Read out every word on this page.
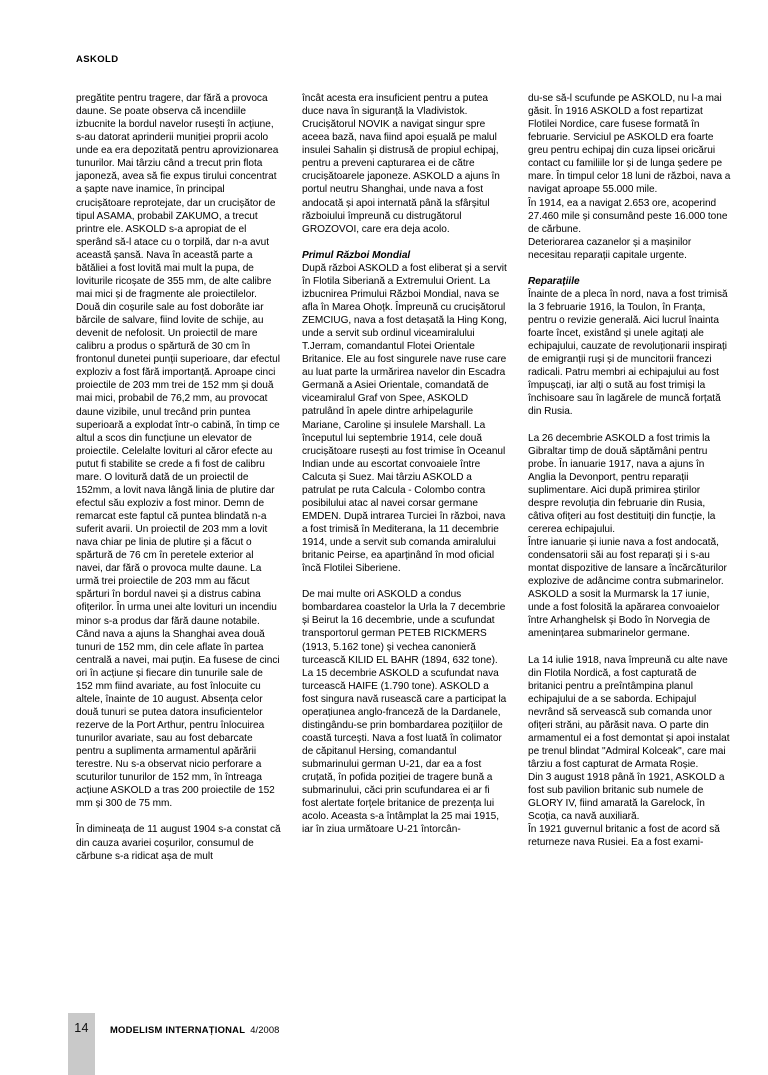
ASKOLD

pregătite pentru tragere, dar fără a provoca daune. Se poate observa că incendiile izbucnite la bordul navelor rusești în acțiune, s-au datorat aprinderii muniției proprii acolo unde ea era depozitată pentru aprovizionarea tunurilor. Mai târziu când a trecut prin flota japoneză, avea să fie expus tirului concentrat a șapte nave inamice, în principal crucișătoare reprotejate, dar un crucișător de tipul ASAMA, probabil ZAKUMO, a trecut printre ele. ASKOLD s-a apropiat de el sperând să-l atace cu o torpilă, dar n-a avut această șansă. Nava în această parte a bătăliei a fost lovită mai mult la pupa, de loviturile ricoșate de 355 mm, de alte calibre mai mici și de fragmente ale proiectilelor. Două din coșurile sale au fost doborâte iar bărcile de salvare, fiind lovite de schije, au devenit de nefolosit. Un proiectil de mare calibru a produs o spărtură de 30 cm în frontonul dunetei punții superioare, dar efectul exploziv a fost fără importanță. Aproape cinci proiectile de 203 mm trei de 152 mm și două mai mici, probabil de 76,2 mm, au provocat daune vizibile, unul trecând prin puntea superioară a explodat într-o cabină, în timp ce altul a scos din funcțiune un elevator de proiectile. Celelalte lovituri al căror efecte au putut fi stabilite se crede a fi fost de calibru mare. O lovitură dată de un proiectil de 152mm, a lovit nava lângă linia de plutire dar efectul său exploziv a fost minor. Demn de remarcat este faptul că puntea blindată n-a suferit avarii. Un proiectil de 203 mm a lovit nava chiar pe linia de plutire și a făcut o spărtură de 76 cm în peretele exterior al navei, dar fără o provoca multe daune. La urmă trei proiectile de 203 mm au făcut spărturi în bordul navei și a distrus cabina ofițerilor. În urma unei alte lovituri un incendiu minor s-a produs dar fără daune notabile. Când nava a ajuns la Shanghai avea două tunuri de 152 mm, din cele aflate în partea centrală a navei, mai puțin. Ea fusese de cinci ori în acțiune și fiecare din tunurile sale de 152 mm fiind avariate, au fost înlocuite cu altele, înainte de 10 august. Absența celor două tunuri se putea datora insuficientelor rezerve de la Port Arthur, pentru înlocuirea tunurilor avariate, sau au fost debarcate pentru a suplimenta armamentul apărării terestre. Nu s-a observat nicio perforare a scuturilor tunurilor de 152 mm, în întreaga acțiune ASKOLD a tras 200 proiectile de 152 mm și 300 de 75 mm.

În dimineața de 11 august 1904 s-a constat că din cauza avariei coșurilor, consumul de cărbune s-a ridicat așa de mult

încât acesta era insuficient pentru a putea duce nava în siguranță la Vladivistok. Crucișătorul NOVIK a navigat singur spre aceea bază, nava fiind apoi eșuală pe malul insulei Sahalin și distrusă de propiul echipaj, pentru a preveni capturarea ei de către crucișătoarele japoneze. ASKOLD a ajuns în portul neutru Shanghai, unde nava a fost andocată și apoi internată până la sfârșitul războiului împreună cu distrugătorul GROZOVOI, care era deja acolo.

Primul Război Mondial

După război ASKOLD a fost eliberat și a servit în Flotila Siberiană a Extremului Orient. La izbucnirea Primului Război Mondial, nava se afla în Marea Ohoțk. Împreună cu crucișătorul ZEMCIUG, nava a fost detașată la Hing Kong, unde a servit sub ordinul viceamiralului T.Jerram, comandantul Flotei Orientale Britanice. Ele au fost singurele nave ruse care au luat parte la urmărirea navelor din Escadra Germană a Asiei Orientale, comandată de viceamiralul Graf von Spee, ASKOLD patrulând în apele dintre arhipelagurile Mariane, Caroline și insulele Marshall. La începutul lui septembrie 1914, cele două crucișătoare rusești au fost trimise în Oceanul Indian unde au escortat convoaiele între Calcuta și Suez. Mai târziu ASKOLD a patrulat pe ruta Calcula - Colombo contra posibilului atac al navei corsar germane EMDEN. După intrarea Turciei în război, nava a fost trimisă în Mediterana, la 11 decembrie 1914, unde a servit sub comanda amiralului britanic Peirse, ea aparținând în mod oficial încă Flotilei Siberiene.

De mai multe ori ASKOLD a condus bombardarea coastelor la Urla la 7 decembrie și Beirut la 16 decembrie, unde a scufundat transportorul german PETEB RICKMERS (1913, 5.162 tone) și vechea canonieră turcească KILID EL BAHR (1894, 632 tone). La 15 decembrie ASKOLD a scufundat nava turcească HAIFE (1.790 tone). ASKOLD a fost singura navă rusească care a participat la operațiunea anglo-franceză de la Dardanele, distingându-se prin bombardarea pozițiilor de coastă turcești. Nava a fost luată în colimator de căpitanul Hersing, comandantul submarinului german U-21, dar ea a fost cruțată, în pofida poziției de tragere bună a submarinului, căci prin scufundarea ei ar fi fost alertate forțele britanice de prezența lui acolo. Aceasta s-a întâmplat la 25 mai 1915, iar în ziua următoare U-21 întorcân-

du-se să-l scufunde pe ASKOLD, nu l-a mai găsit. În 1916 ASKOLD a fost repartizat Flotilei Nordice, care fusese formată în februarie. Serviciul pe ASKOLD era foarte greu pentru echipaj din cuza lipsei oricărui contact cu familiile lor și de lunga ședere pe mare. În timpul celor 18 luni de război, nava a navigat aproape 55.000 mile.

În 1914, ea a navigat 2.653 ore, acoperind 27.460 mile și consumând peste 16.000 tone de cărbune.

Deteriorarea cazanelor și a mașinilor necesitau reparații capitale urgente.

Reparațiile

Înainte de a pleca în nord, nava a fost trimisă la 3 februarie 1916, la Toulon, în Franța, pentru o revizie generală. Aici lucrul înainta foarte încet, existând și unele agitați ale echipajului, cauzate de revoluționarii inspirați de emigranții ruși și de muncitorii francezi radicali. Patru membri ai echipajului au fost împușcați, iar alți o sută au fost trimiși la închisoare sau în lagărele de muncă forțată din Rusia.

La 26 decembrie ASKOLD a fost trimis la Gibraltar timp de două săptămâni pentru probe. În ianuarie 1917, nava a ajuns în Anglia la Devonport, pentru reparații suplimentare. Aici după primirea știrilor despre revoluția din februarie din Rusia, câtiva ofițeri au fost destituiți din funcție, la cererea echipajului.

Între ianuarie și iunie nava a fost andocată, condensatorii săi au fost reparați și i s-au montat dispozitive de lansare a încărcăturilor explozive de adâncime contra submarinelor. ASKOLD a sosit la Murmarsk la 17 iunie, unde a fost folosită la apărarea convoaielor între Arhanghelsk și Bodo în Norvegia de amenințarea submarinelor germane.

La 14 iulie 1918, nava împreună cu alte nave din Flotila Nordică, a fost capturată de britanici pentru a preîntâmpina planul echipajului de a se saborda. Echipajul nevrând să servească sub comanda unor ofițeri străni, au părăsit nava. O parte din armamentul ei a fost demontat și apoi instalat pe trenul blindat "Admiral Kolceak", care mai târziu a fost capturat de Armata Roșie.

Din 3 august 1918 până în 1921, ASKOLD a fost sub pavilion britanic sub numele de GLORY IV, fiind amarată la Garelock, în Scoția, ca navă auxiliară.

În 1921 guvernul britanic a fost de acord să returneze nava Rusiei. Ea a fost exami-

14	MODELISM INTERNAȚIONAL 4/2008
